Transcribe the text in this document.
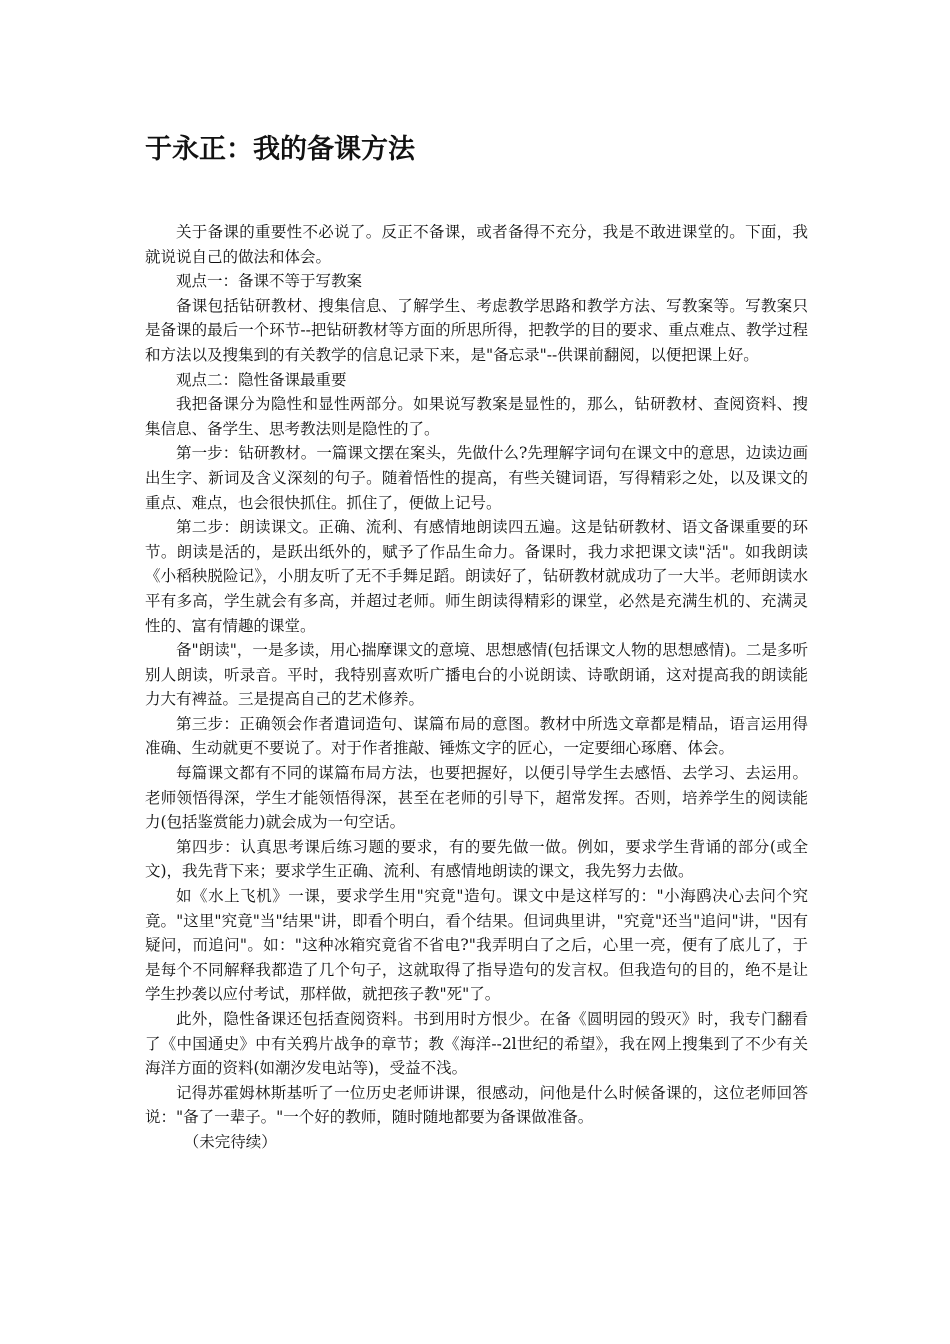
于永正：我的备课方法

关于备课的重要性不必说了。反正不备课，或者备得不充分，我是不敢进课堂的。下面，我就说说自己的做法和体会。

观点一：备课不等于写教案

备课包括钻研教材、搜集信息、了解学生、考虑教学思路和教学方法、写教案等。写教案只是备课的最后一个环节--把钻研教材等方面的所思所得，把教学的目的要求、重点难点、教学过程和方法以及搜集到的有关教学的信息记录下来，是"备忘录"--供课前翻阅，以便把课上好。

观点二：隐性备课最重要

我把备课分为隐性和显性两部分。如果说写教案是显性的，那么，钻研教材、查阅资料、搜集信息、备学生、思考教法则是隐性的了。

第一步：钻研教材。一篇课文摆在案头，先做什么?先理解字词句在课文中的意思，边读边画出生字、新词及含义深刻的句子。随着悟性的提高，有些关键词语，写得精彩之处，以及课文的重点、难点，也会很快抓住。抓住了，便做上记号。

第二步：朗读课文。正确、流利、有感情地朗读四五遍。这是钻研教材、语文备课重要的环节。朗读是活的，是跃出纸外的，赋予了作品生命力。备课时，我力求把课文读"活"。如我朗读《小稻秧脱险记》，小朋友听了无不手舞足蹈。朗读好了，钻研教材就成功了一大半。老师朗读水平有多高，学生就会有多高，并超过老师。师生朗读得精彩的课堂，必然是充满生机的、充满灵性的、富有情趣的课堂。

备"朗读"，一是多读，用心揣摩课文的意境、思想感情(包括课文人物的思想感情)。二是多听别人朗读，听录音。平时，我特别喜欢听广播电台的小说朗读、诗歌朗诵，这对提高我的朗读能力大有裨益。三是提高自己的艺术修养。

第三步：正确领会作者遣词造句、谋篇布局的意图。教材中所选文章都是精品，语言运用得准确、生动就更不要说了。对于作者推敲、锤炼文字的匠心，一定要细心琢磨、体会。

每篇课文都有不同的谋篇布局方法，也要把握好，以便引导学生去感悟、去学习、去运用。老师领悟得深，学生才能领悟得深，甚至在老师的引导下，超常发挥。否则，培养学生的阅读能力(包括鉴赏能力)就会成为一句空话。

第四步：认真思考课后练习题的要求，有的要先做一做。例如，要求学生背诵的部分(或全文)，我先背下来；要求学生正确、流利、有感情地朗读的课文，我先努力去做。

如《水上飞机》一课，要求学生用"究竟"造句。课文中是这样写的："小海鸥决心去问个究竟。"这里"究竟"当"结果"讲，即看个明白，看个结果。但词典里讲，"究竟"还当"追问"讲，"因有疑问，而追问"。如："这种冰箱究竟省不省电?"我弄明白了之后，心里一亮，便有了底儿了，于是每个不同解释我都造了几个句子，这就取得了指导造句的发言权。但我造句的目的，绝不是让学生抄袭以应付考试，那样做，就把孩子教"死"了。

此外，隐性备课还包括查阅资料。书到用时方恨少。在备《圆明园的毁灭》时，我专门翻看了《中国通史》中有关鸦片战争的章节；教《海洋--2l世纪的希望》，我在网上搜集到了不少有关海洋方面的资料(如潮汐发电站等)，受益不浅。

记得苏霍姆林斯基听了一位历史老师讲课，很感动，问他是什么时候备课的，这位老师回答说："备了一辈子。"一个好的教师，随时随地都要为备课做准备。

（未完待续）
